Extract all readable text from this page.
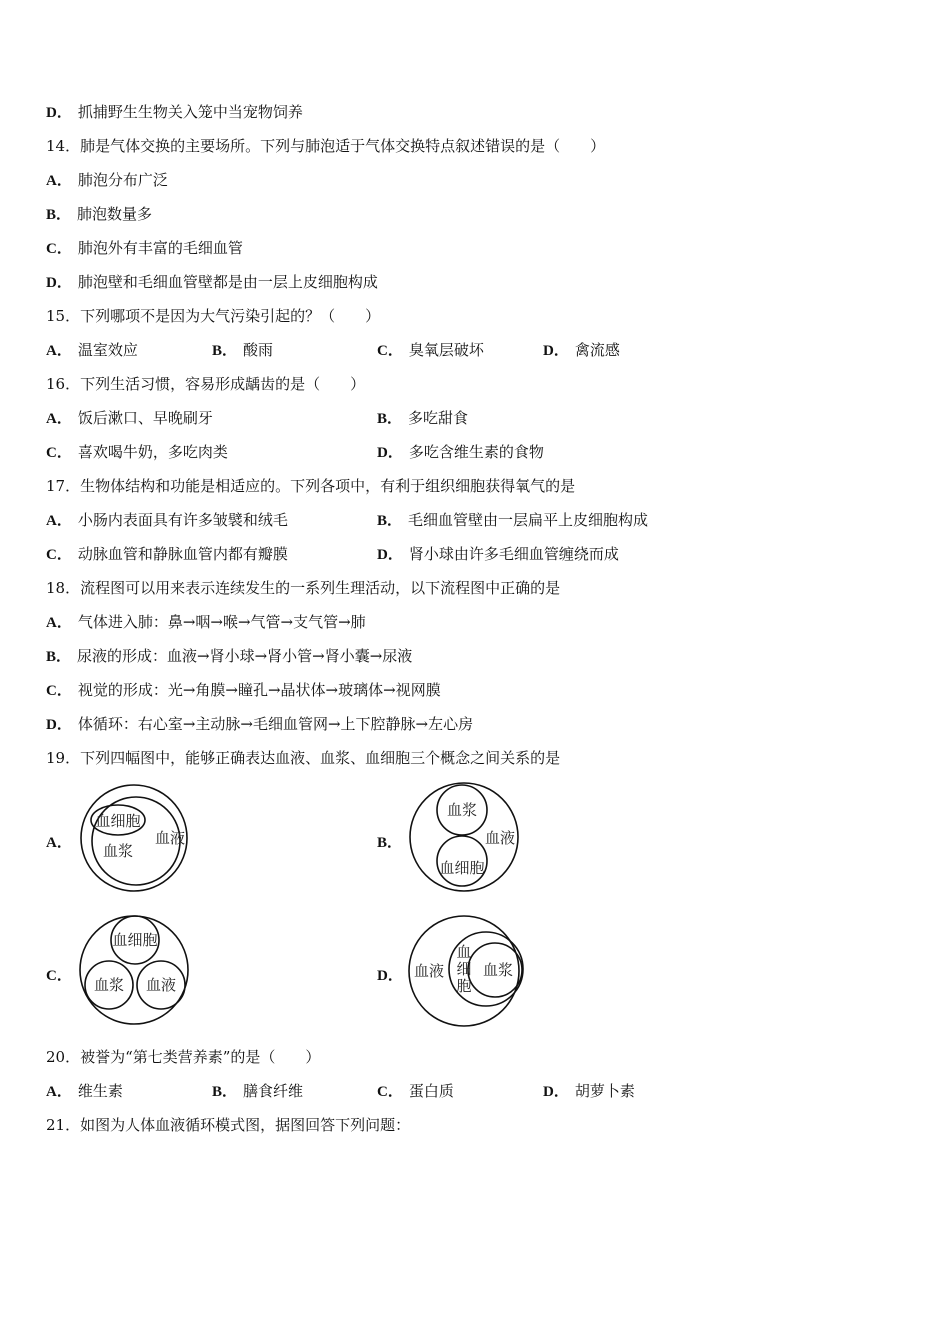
D． 抓捕野生生物关入笼中当宠物饲养
14．肺是气体交换的主要场所。下列与肺泡适于气体交换特点叙述错误的是（　　）
A． 肺泡分布广泛
B． 肺泡数量多
C． 肺泡外有丰富的毛细血管
D． 肺泡壁和毛细血管壁都是由一层上皮细胞构成
15．下列哪项不是因为大气污染引起的？（　　）
A． 温室效应	B． 酸雨	C． 臭氧层破坏	D． 禽流感
16．下列生活习惯，容易形成龋齿的是（　　）
A． 饭后漱口、早晚刷牙	B． 多吃甜食
C． 喜欢喝牛奶，多吃肉类	D． 多吃含维生素的食物
17．生物体结构和功能是相适应的。下列各项中，有利于组织细胞获得氧气的是
A． 小肠内表面具有许多皱襞和绒毛	B． 毛细血管壁由一层扁平上皮细胞构成
C． 动脉血管和静脉血管内都有瓣膜	D． 肾小球由许多毛细血管缠绕而成
18．流程图可以用来表示连续发生的一系列生理活动，以下流程图中正确的是
A． 气体进入肺：鼻→咽→喉→气管→支气管→肺
B． 尿液的形成：血液→肾小球→肾小管→肾小囊→尿液
C． 视觉的形成：光→角膜→瞳孔→晶状体→玻璃体→视网膜
D． 体循环：右心室→主动脉→毛细血管网→上下腔静脉→左心房
19．下列四幅图中，能够正确表达血液、血浆、血细胞三个概念之间关系的是
A．
血细胞
血浆
血液	B．
血浆
血液
血细胞
C．
血细胞
血浆 血液	D． 血液
血
细
胞
血浆
20．被誉为“第七类营养素”的是（　　）
A． 维生素	B． 膳食纤维	C． 蛋白质	D． 胡萝卜素
21．如图为人体血液循环模式图，据图回答下列问题：
